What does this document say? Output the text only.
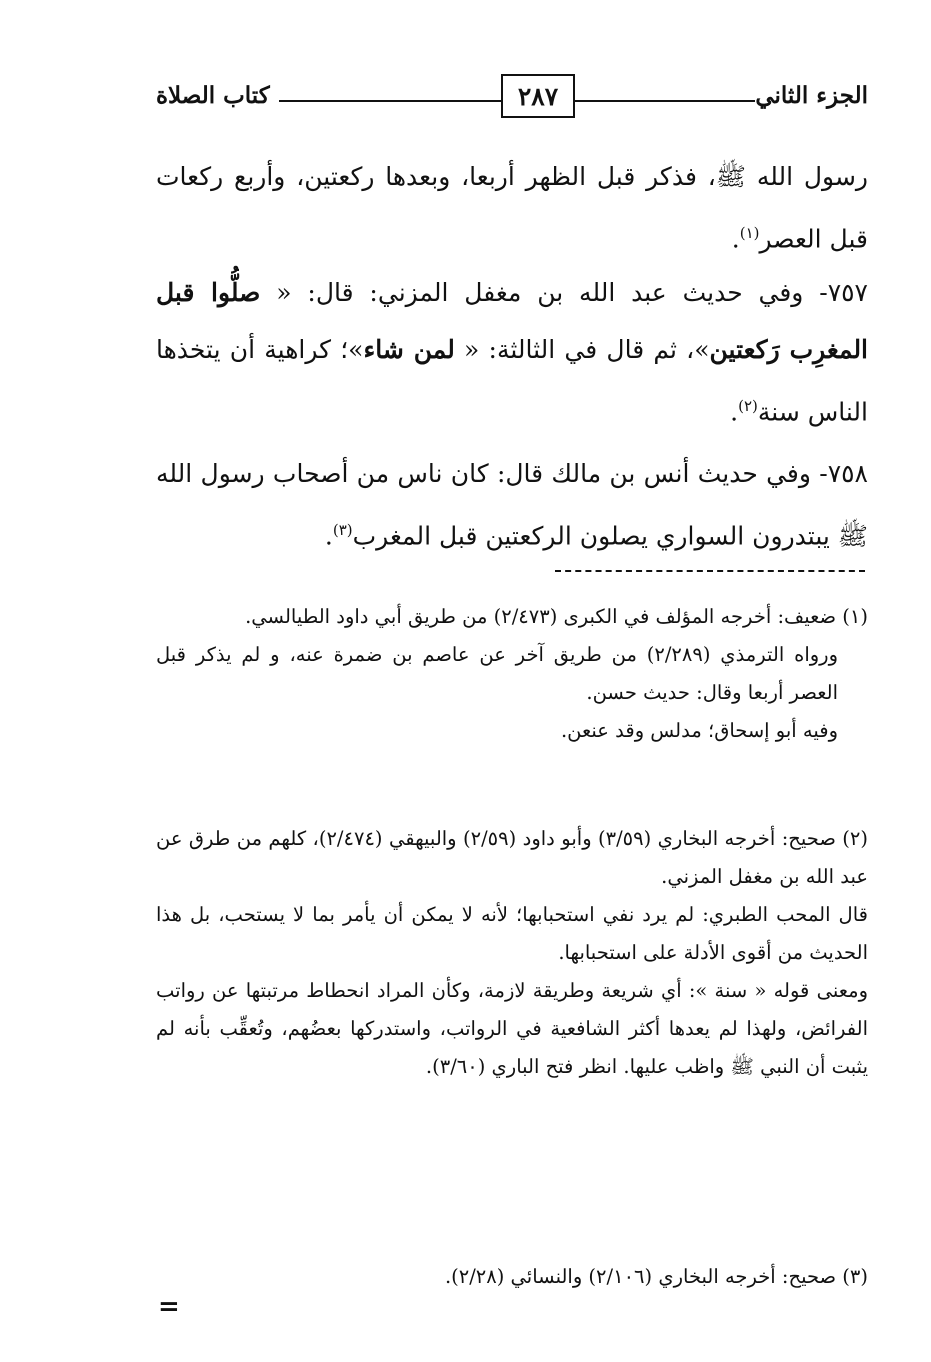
كتاب الصلاة	٢٨٧	الجزء الثاني
رسول الله ﷺ، فذكر قبل الظهر أربعا، وبعدها ركعتين، وأربع ركعات قبل العصر$^{(١)}$.
٧٥٧- وفي حديث عبد الله بن مغفل المزني: قال: « صلُّوا قبل المغرِب رَكعتين»، ثم قال في الثالثة: « لمن شاء»؛ كراهية أن يتخذها الناس سنة$^{(٢)}$.
٧٥٨- وفي حديث أنس بن مالك قال: كان ناس من أصحاب رسول الله ﷺ يبتدرون السواري يصلون الركعتين قبل المغرب$^{(٣)}$.
(١) ضعيف: أخرجه المؤلف في الكبرى (٢/٤٧٣) من طريق أبي داود الطيالسي.
ورواه الترمذي (٢/٢٨٩) من طريق آخر عن عاصم بن ضمرة عنه، و لم يذكر قبل العصر أربعا وقال: حديث حسن.
وفيه أبو إسحاق؛ مدلس وقد عنعن.
(٢) صحيح: أخرجه البخاري (٣/٥٩) وأبو داود (٢/٥٩) والبيهقي (٢/٤٧٤)، كلهم من طرق عن عبد الله بن مغفل المزني.
قال المحب الطبري: لم يرد نفي استحبابها؛ لأنه لا يمكن أن يأمر بما لا يستحب، بل هذا الحديث من أقوى الأدلة على استحبابها.
ومعنى قوله « سنة »: أي شريعة وطريقة لازمة، وكأن المراد انحطاط مرتبتها عن رواتب الفرائض، ولهذا لم يعدها أكثر الشافعية في الرواتب، واستدركها بعضُهم، وتُعقِّب بأنه لم يثبت أن النبي ﷺ واظب عليها. انظر فتح الباري (٣/٦٠).
(٣) صحيح: أخرجه البخاري (٢/١٠٦) والنسائي (٢/٢٨).
=
